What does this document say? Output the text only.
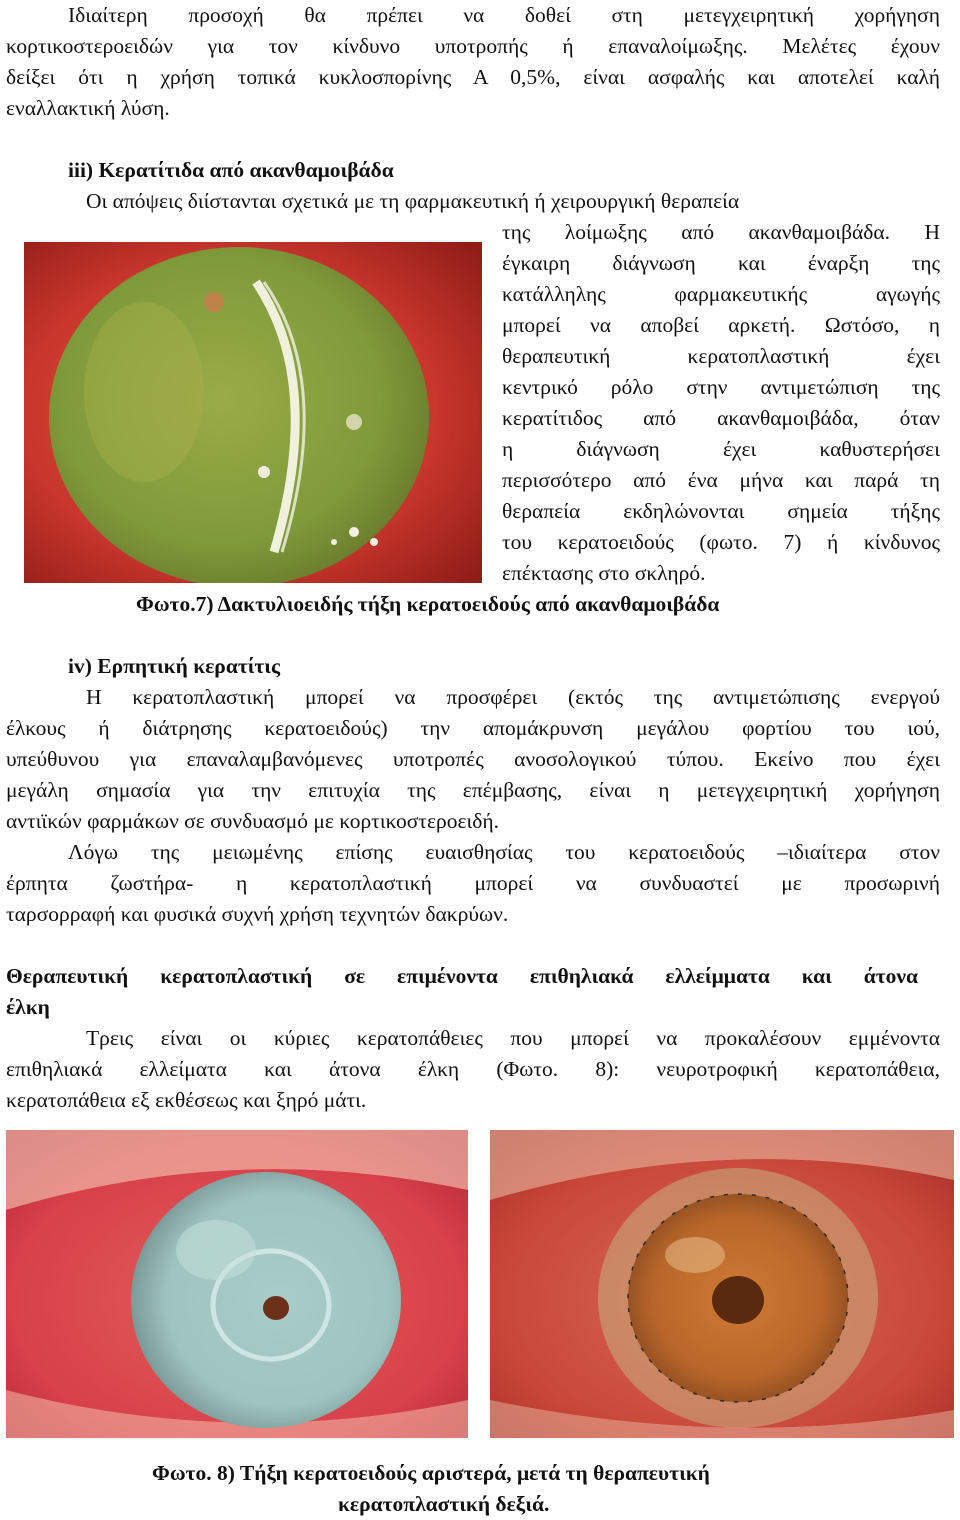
Ιδιαίτερη προσοχή θα πρέπει να δοθεί στη μετεγχειρητική χορήγηση
κορτικοστεροειδών για τον κίνδυνο υποτροπής ή επαναλοίμωξης. Μελέτες έχουν
δείξει ότι η χρήση τοπικά κυκλοσπορίνης Α 0,5%, είναι ασφαλής και αποτελεί καλή
εναλλακτική λύση.
iii) Κερατίτιδα από ακανθαμοιβάδα
Οι απόψεις διίστανται σχετικά με τη φαρμακευτική ή χειρουργική θεραπεία
της λοίμωξης από ακανθαμοιβάδα. Η
έγκαιρη διάγνωση και έναρξη της
κατάλληλης φαρμακευτικής αγωγής
μπορεί να αποβεί αρκετή. Ωστόσο, η
θεραπευτική κερατοπλαστική έχει
κεντρικό ρόλο στην αντιμετώπιση της
κερατίτιδος από ακανθαμοιβάδα, όταν
η διάγνωση έχει καθυστερήσει
περισσότερο από ένα μήνα και παρά τη
θεραπεία εκδηλώνονται σημεία τήξης
του κερατοειδούς (φωτο. 7) ή κίνδυνος
επέκτασης στο σκληρό.
Φωτο.7) Δακτυλιοειδής τήξη κερατοειδούς από ακανθαμοιβάδα
iv) Ερπητική κερατίτις
Η κερατοπλαστική μπορεί να προσφέρει (εκτός της αντιμετώπισης ενεργού
έλκους ή διάτρησης κερατοειδούς) την απομάκρυνση μεγάλου φορτίου του ιού,
υπεύθυνου για επαναλαμβανόμενες υποτροπές ανοσολογικού τύπου. Εκείνο που έχει
μεγάλη σημασία για την επιτυχία της επέμβασης, είναι η μετεγχειρητική χορήγηση
αντιϊκών φαρμάκων σε συνδυασμό με κορτικοστεροειδή.
Λόγω της μειωμένης επίσης ευαισθησίας του κερατοειδούς –ιδιαίτερα στον
έρπητα ζωστήρα- η κερατοπλαστική μπορεί να συνδυαστεί με προσωρινή
ταρσορραφή και φυσικά συχνή χρήση τεχνητών δακρύων.
Θεραπευτική κερατοπλαστική σε επιμένοντα επιθηλιακά ελλείμματα και άτονα
έλκη
Τρεις είναι οι κύριες κερατοπάθειες που μπορεί να προκαλέσουν εμμένοντα
επιθηλιακά ελλείματα και άτονα έλκη (Φωτο. 8): νευροτροφική κερατοπάθεια,
κερατοπάθεια εξ εκθέσεως και ξηρό μάτι.
Φωτο. 8) Τήξη κερατοειδούς αριστερά, μετά τη θεραπευτική
κερατοπλαστική δεξιά.
